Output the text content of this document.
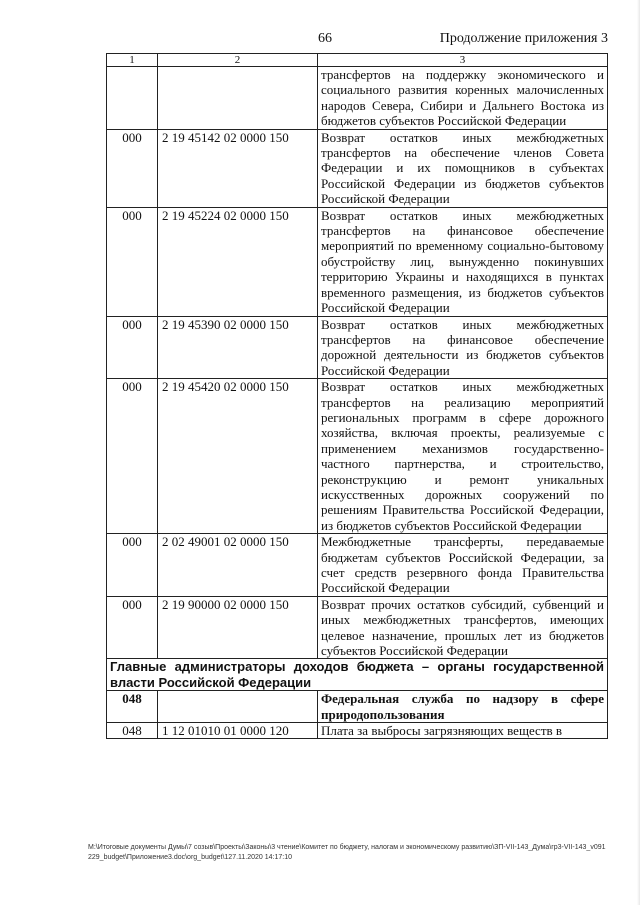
66	Продолжение приложения 3
1	2	3
		трансфертов на поддержку экономического и социального развития коренных малочисленных народов Севера, Сибири и Дальнего Востока из бюджетов субъектов Российской Федерации
000	2 19 45142 02 0000 150	Возврат остатков иных межбюджетных трансфертов на обеспечение членов Совета Федерации и их помощников в субъектах Российской Федерации из бюджетов субъектов Российской Федерации
000	2 19 45224 02 0000 150	Возврат остатков иных межбюджетных трансфертов на финансовое обеспечение мероприятий по временному социально-бытовому обустройству лиц, вынужденно покинувших территорию Украины и находящихся в пунктах временного размещения, из бюджетов субъектов Российской Федерации
000	2 19 45390 02 0000 150	Возврат остатков иных межбюджетных трансфертов на финансовое обеспечение дорожной деятельности из бюджетов субъектов Российской Федерации
000	2 19 45420 02 0000 150	Возврат остатков иных межбюджетных трансфертов на реализацию мероприятий региональных программ в сфере дорожного хозяйства, включая проекты, реализуемые с применением механизмов государственно-частного партнерства, и строительство, реконструкцию и ремонт уникальных искусственных дорожных сооружений по решениям Правительства Российской Федерации, из бюджетов субъектов Российской Федерации
000	2 02 49001 02 0000 150	Межбюджетные трансферты, передаваемые бюджетам субъектов Российской Федерации, за счет средств резервного фонда Правительства Российской Федерации
000	2 19 90000 02 0000 150	Возврат прочих остатков субсидий, субвенций и иных межбюджетных трансфертов, имеющих целевое назначение, прошлых лет из бюджетов субъектов Российской Федерации
Главные администраторы доходов бюджета – органы государственной власти Российской Федерации		
048		Федеральная служба по надзору в сфере природопользования
048	1 12 01010 01 0000 120	Плата за выбросы загрязняющих веществ в
M:\Итоговые документы Думы\7 созыв\Проекты\Законы\3 чтение\Комитет по бюджету, налогам и экономическому развитию\ЗП-VII-143_Дума\гр3-VII-143_v091229_budget\Приложение3.doc\org_budget\127.11.2020 14:17:10
